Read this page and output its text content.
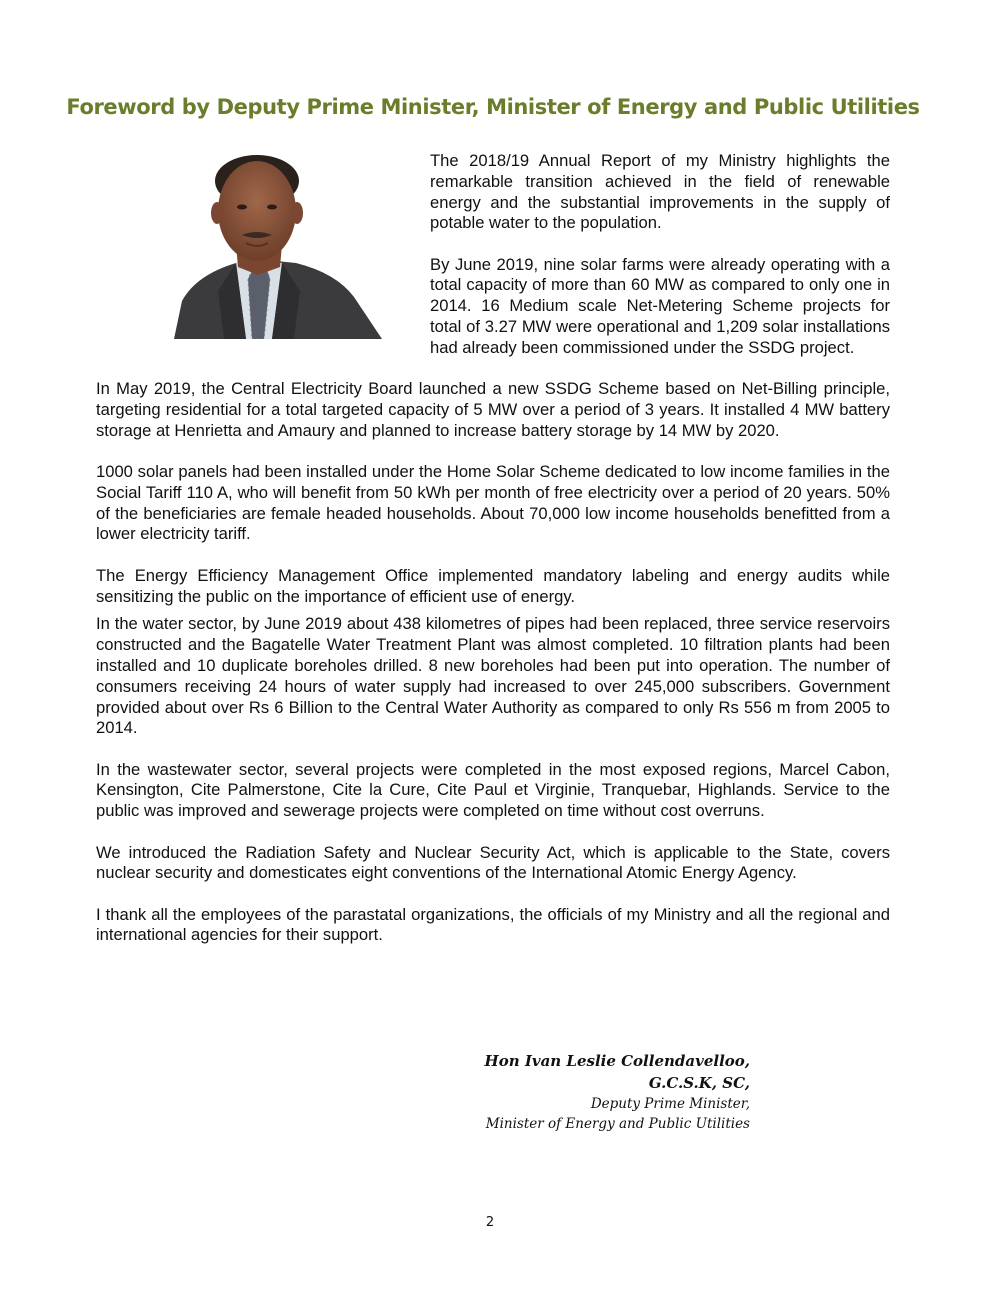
Foreword by Deputy Prime Minister, Minister of Energy and Public Utilities

The 2018/19 Annual Report of my Ministry highlights the remarkable transition achieved in the field of renewable energy and the substantial improvements in the supply of potable water to the population.

By June 2019, nine solar farms were already operating with a total capacity of more than 60 MW as compared to only one in 2014. 16 Medium scale Net-Metering Scheme projects for total of 3.27 MW were operational and 1,209 solar installations had already been commissioned under the SSDG project.

In May 2019, the Central Electricity Board launched a new SSDG Scheme based on Net-Billing principle, targeting residential for a total targeted capacity of 5 MW over a period of 3 years. It installed 4 MW battery storage at Henrietta and Amaury and planned to increase battery storage by 14 MW by 2020.

1000 solar panels had been installed under the Home Solar Scheme dedicated to low income families in the Social Tariff 110 A, who will benefit from 50 kWh per month of free electricity over a period of 20 years. 50% of the beneficiaries are female headed households. About 70,000 low income households benefitted from a lower electricity tariff.

The Energy Efficiency Management Office implemented mandatory labeling and energy audits while sensitizing the public on the importance of efficient use of energy.

In the water sector, by June 2019 about 438 kilometres of pipes had been replaced, three service reservoirs constructed and the Bagatelle Water Treatment Plant was almost completed. 10 filtration plants had been installed and 10 duplicate boreholes drilled. 8 new boreholes had been put into operation. The number of consumers receiving 24 hours of water supply had increased to over 245,000 subscribers. Government provided about over Rs 6 Billion to the Central Water Authority as compared to only Rs 556 m from 2005 to 2014.

In the wastewater sector, several projects were completed in the most exposed regions, Marcel Cabon, Kensington, Cite Palmerstone, Cite la Cure, Cite Paul et Virginie, Tranquebar, Highlands. Service to the public was improved and sewerage projects were completed on time without cost overruns.

We introduced the Radiation Safety and Nuclear Security Act, which is applicable to the State, covers nuclear security and domesticates eight conventions of the International Atomic Energy Agency.

I thank all the employees of the parastatal organizations, the officials of my Ministry and all the regional and international agencies for their support.

Hon Ivan Leslie Collendavelloo, G.C.S.K, SC,
Deputy Prime Minister,
Minister of Energy and Public Utilities
2
